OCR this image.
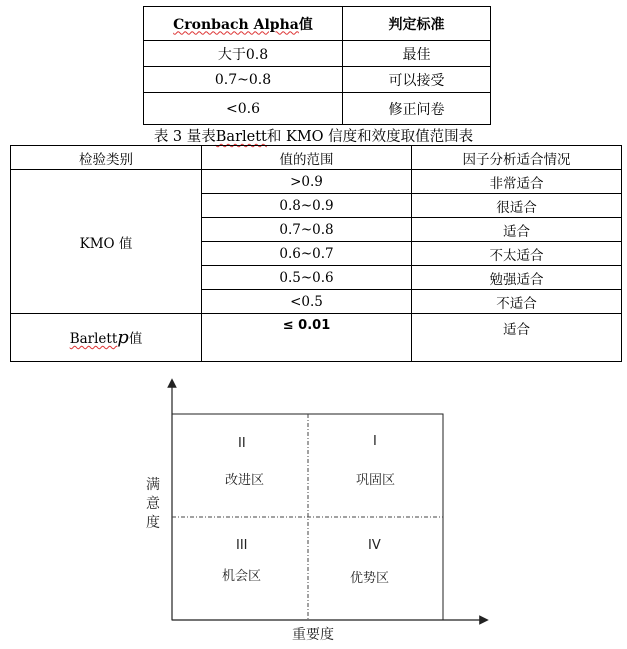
Cronbach Alpha值	判定标准
大于0.8	最佳
0.7~0.8	可以接受
<0.6	修正问卷
表 3 量表Barlett和 KMO 信度和效度取值范围表
检验类别	值的范围	因子分析适合情况
KMO 值	>0.9	非常适合
	0.8~0.9	很适合
	0.7~0.8	适合
	0.6~0.7	不太适合
	0.5~0.6	勉强适合
	<0.5	不适合
Barlettp值	≤ 0.01	适合
II
改进区
I
巩固区
III
机会区
IV
优势区
满
意
度
重要度
